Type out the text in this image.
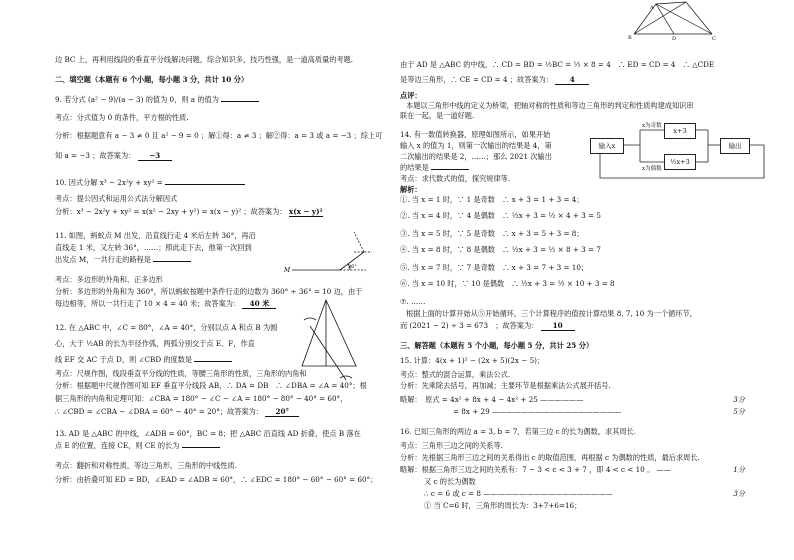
边 BC 上，再利用线段的垂直平分线解决问题，综合知识多，技巧性强，是一道高质量的考题.
二、填空题（本题有 6 个小题，每小题 3 分，共计 10 分）
9. 若分式 (a² − 9)/(a − 3) 的值为 0，则 a 的值为
考点：分式值为 0 的条件，平方根的性质.
分析：根据题意有 a − 3 ≠ 0 且 a² − 9 = 0 ；解①得：a ≠ 3 ；解②得：a = 3 或 a = −3 ；综上可
知 a = −3 ；故答案为： −3
10. 因式分解 x³ − 2x²y + xy² =
考点：提公因式和运用公式法分解因式
分析：x³ − 2x²y + xy² = x(x² − 2xy + y²) = x(x − y)² ；故答案为： x(x − y)²
11. 如图，蚂蚁点 M 出发，沿直线行走 4 米后左转 36°，再沿
直线走 1 米，又左转 36°，……；照此走下去，他第一次回到
出发点 M，一共行走的路程是
考点：多边形的外角和、正多边形
分析：多边形的外角和为 360°，所以蚂蚁按题中条件行走的边数为 360° ÷ 36° = 10 边，由于
每边相等，所以一共行走了 10 × 4 = 40 米；故答案为： 40 米
12. 在 △ABC 中，∠C = 80°，∠A = 40°，分别以点 A 和点 B 为圆
心，大于 ½AB 的长为半径作弧，两弧分别交于点 E、F，作直
线 EF 交 AC 于点 D，则 ∠CBD 的度数是
考点：尺规作图，线段垂直平分线的性质，等腰三角形的性质，三角形的内角和
分析：根据题中尺规作图可知 EF 垂直平分线段 AB，∴ DA = DB　∴ ∠DBA = ∠A = 40°；根
据三角形的内角和定理可知：∠CBA = 180° − ∠C − ∠A = 180° − 80° − 40° = 60°，
∴ ∠CBD = ∠CBA − ∠DBA = 60° − 40° = 20°；故答案为： 20°
13. AD 是 △ABC 的中线，∠ADB = 60°，BC = 8；把 △ABC 沿直线 AD 折叠，使点 B 落在
点 E 的位置，连接 CE，则 CE 的长为
考点：翻折和对称性质，等边三角形，三角形的中线性质.
分析：由折叠可知 ED = BD，∠EAD = ∠ADB = 60°，∴ ∠EDC = 180° − 60° − 60° = 60°；
M	36°
由于 AD 是 △ABC 的中线，∴ CD = BD = ½BC = ½ × 8 = 4　∴ ED = CD = 4　∴ △CDE
是等边三角形，∴ CE = CD = 4 ；故答案为： 4
点评：
本题以三角形中线的定义为桥梁，把轴对称的性质和等边三角形的判定和性质构建成知识串
联在一起，是一道好题.
14. 有一数值转换器，原理如图所示，如果开始
输入 x 的值为 1，则第一次输出的结果是 4，第
二次输出的结果是 2，……；那么 2021 次输出
的结果是
考点：求代数式的值，探究规律等.
解析：
①. 当 x = 1 时，∵ 1 是奇数　∴ x + 3 = 1 + 3 = 4；
②. 当 x = 4 时，∵ 4 是偶数　∴ ½x + 3 = ½ × 4 + 3 = 5
③. 当 x = 5 时，∵ 5 是奇数　∴ x + 3 = 5 + 3 = 8；
④. 当 x = 8 时，∵ 8 是偶数　∴ ½x + 3 = ½ × 8 + 3 = 7
⑤. 当 x = 7 时，∵ 7 是奇数　∴ x + 3 = 7 + 3 = 10；
⑥. 当 x = 10 时，∵ 10 是偶数　∴ ½x + 3 = ½ × 10 + 3 = 8
⑦. ……
根据上面的计算开始从⑤开始循环，三个计算程序的值按计算结果 8, 7, 10 为一个循环节，
而 (2021 − 2) ÷ 3 = 673　；故答案为： 10
三、解答题（本题有 5 个小题，每小题 5 分，共计 25 分）
15. 计算：4(x + 1)² − (2x + 5)(2x − 5)；
考点：整式的混合运算，乘法公式.
分析：先乘除去括号，再加减；主要环节是根据乘法公式展开括号.
略解：　原式 = 4x² + 8x + 4 − 4x² + 25 ——————	3分
= 8x + 29 ——————————————————	5分
16. 已知三角形的两边 a = 3, b = 7，若第三边 c 的长为偶数，求其周长.
考点：三角形三边之间的关系等.
分析：先根据三角形三边之间的关系得出 c 的取值范围，再根据 c 为偶数的性质，最后求周长.
略解：根据三角形三边之间的关系有：7 − 3 < c < 3 + 7 ，即 4 < c < 10 。 ——	1分
又 c 的长为偶数
∴ c = 6 或 c = 8 ——————————————————	3分
① 当 C=6 时，三角形的周长为：3+7+6=16；
A
B	D	C
输入x
x为奇数
x为偶数
x+3
½x+3
输出
